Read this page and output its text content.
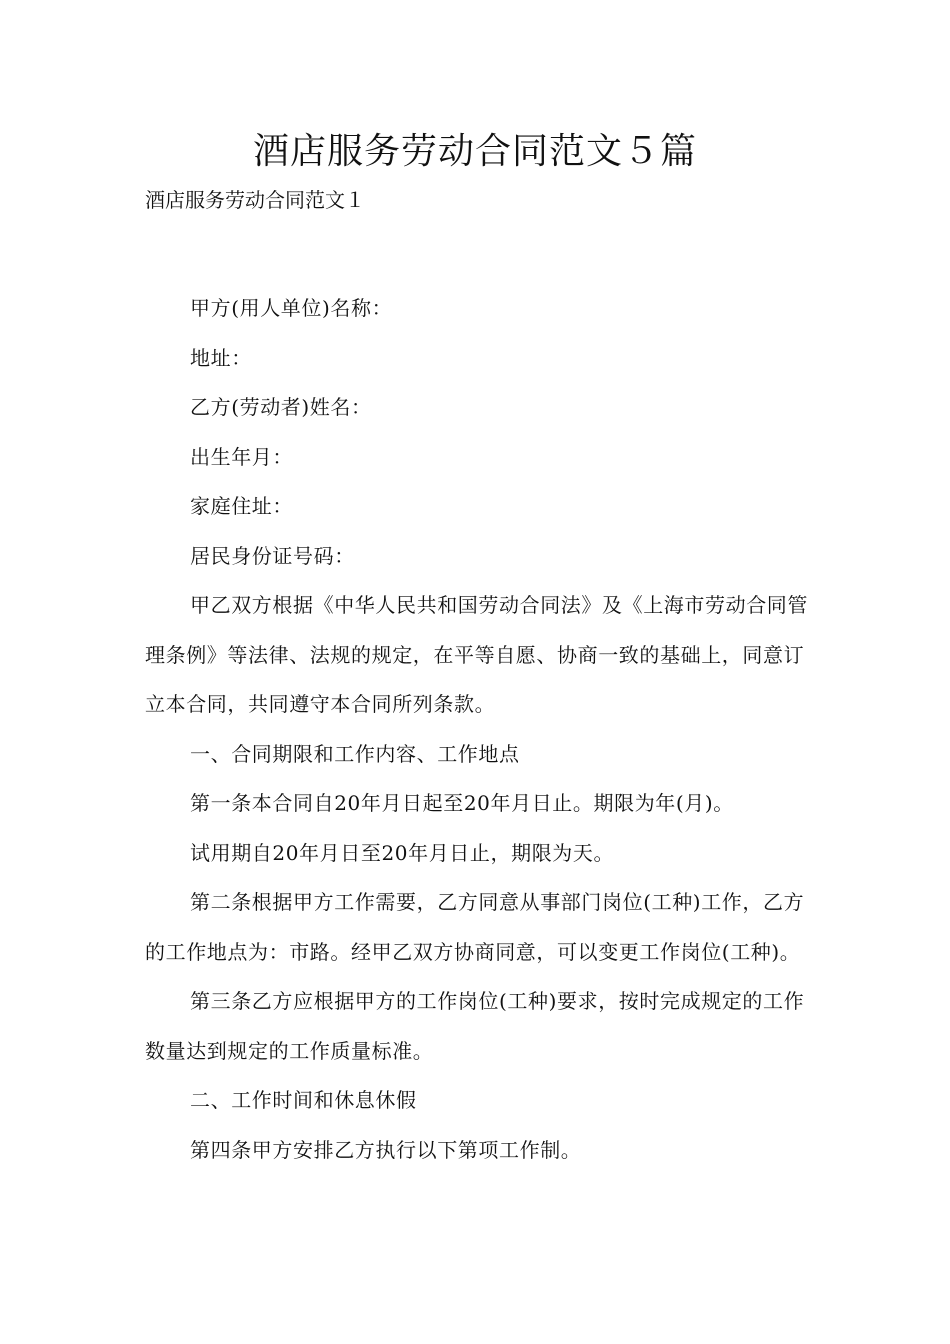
酒店服务劳动合同范文５篇

酒店服务劳动合同范文１

甲方(用人单位)名称：

地址：

乙方(劳动者)姓名：

出生年月：

家庭住址：

居民身份证号码：

甲乙双方根据《中华人民共和国劳动合同法》及《上海市劳动合同管理条例》等法律、法规的规定，在平等自愿、协商一致的基础上，同意订立本合同，共同遵守本合同所列条款。

一、合同期限和工作内容、工作地点

第一条本合同自20年月日起至20年月日止。期限为年(月)。

试用期自20年月日至20年月日止，期限为天。

第二条根据甲方工作需要，乙方同意从事部门岗位(工种)工作，乙方的工作地点为：市路。经甲乙双方协商同意，可以变更工作岗位(工种)。

第三条乙方应根据甲方的工作岗位(工种)要求，按时完成规定的工作数量达到规定的工作质量标准。

二、工作时间和休息休假

第四条甲方安排乙方执行以下第项工作制。
